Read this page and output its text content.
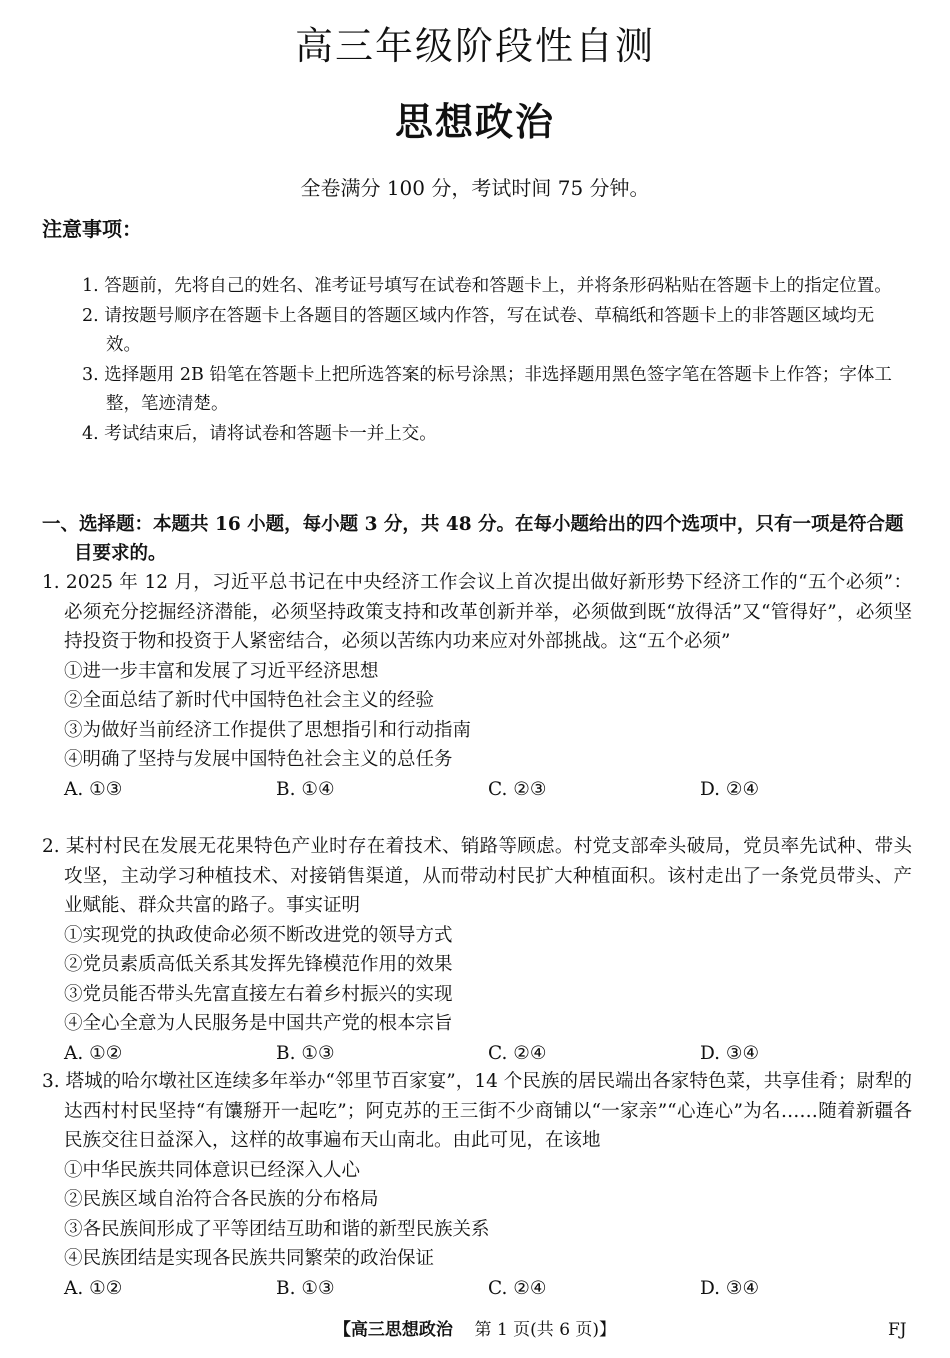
高三年级阶段性自测
思想政治
全卷满分 100 分，考试时间 75 分钟。
注意事项：
1. 答题前，先将自己的姓名、准考证号填写在试卷和答题卡上，并将条形码粘贴在答题卡上的指定位置。
2. 请按题号顺序在答题卡上各题目的答题区域内作答，写在试卷、草稿纸和答题卡上的非答题区域均无效。
3. 选择题用 2B 铅笔在答题卡上把所选答案的标号涂黑；非选择题用黑色签字笔在答题卡上作答；字体工整，笔迹清楚。
4. 考试结束后，请将试卷和答题卡一并上交。
一、选择题：本题共 16 小题，每小题 3 分，共 48 分。在每小题给出的四个选项中，只有一项是符合题目要求的。

1. 2025 年 12 月，习近平总书记在中央经济工作会议上首次提出做好新形势下经济工作的“五个必须”：必须充分挖掘经济潜能，必须坚持政策支持和改革创新并举，必须做到既“放得活”又“管得好”，必须坚持投资于物和投资于人紧密结合，必须以苦练内功来应对外部挑战。这“五个必须”

①进一步丰富和发展了习近平经济思想

②全面总结了新时代中国特色社会主义的经验

③为做好当前经济工作提供了思想指引和行动指南

④明确了坚持与发展中国特色社会主义的总任务

A. ①③	B. ①④	C. ②③	D. ②④

2. 某村村民在发展无花果特色产业时存在着技术、销路等顾虑。村党支部牵头破局，党员率先试种、带头攻坚，主动学习种植技术、对接销售渠道，从而带动村民扩大种植面积。该村走出了一条党员带头、产业赋能、群众共富的路子。事实证明

①实现党的执政使命必须不断改进党的领导方式

②党员素质高低关系其发挥先锋模范作用的效果

③党员能否带头先富直接左右着乡村振兴的实现

④全心全意为人民服务是中国共产党的根本宗旨

A. ①②	B. ①③	C. ②④	D. ③④

3. 塔城的哈尔墩社区连续多年举办“邻里节百家宴”，14 个民族的居民端出各家特色菜，共享佳肴；尉犁的达西村村民坚持“有馕掰开一起吃”；阿克苏的王三街不少商铺以“一家亲”“心连心”为名……随着新疆各民族交往日益深入，这样的故事遍布天山南北。由此可见，在该地

①中华民族共同体意识已经深入人心

②民族区域自治符合各民族的分布格局

③各民族间形成了平等团结互助和谐的新型民族关系

④民族团结是实现各民族共同繁荣的政治保证

A. ①②	B. ①③	C. ②④	D. ③④
【高三思想政治 第 1 页(共 6 页)】	FJ
